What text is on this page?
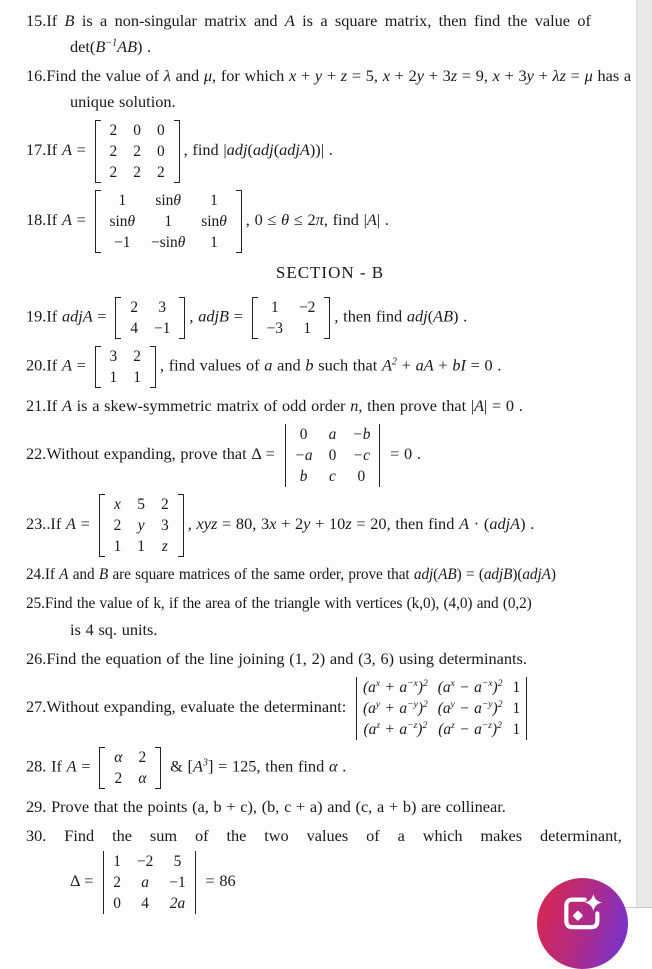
15.If B is a non-singular matrix and A is a square matrix, then find the value of
$\det(B^{-1}AB)$ .
16.Find the value of λ and μ, for which x + y + z = 5, x + 2y + 3z = 9, x + 3y + λz = μ has a
unique solution.
17.If A =
2	0	0
2	2	0
2	2	2
, find |adj(adj(adjA))| .
18.If A =
1	sinθ	1
sinθ	1	sinθ
−1	−sinθ	1
, 0 ≤ θ ≤ 2π, find |A| .
SECTION - B
19.If adjA = 2	3
4	−1
, adjB = 1	−2
−3	1
, then find adj(AB) .
20.If A = 3	2
1	1
, find values of a and b such that $A^2$ + aA + bI = 0 .
21.If A is a skew-symmetric matrix of odd order n, then prove that |A| = 0 .
22.Without expanding, prove that Δ =
0	a	−b
−a	0	−c
b	c	0
= 0 .
23..If A =
x	5	2
2	y	3
1	1	z
, xyz = 80, 3x + 2y + 10z = 20, then find A · (adjA) .
24.If A and B are square matrices of the same order, prove that adj(AB) = (adjB)(adjA)
25.Find the value of k, if the area of the triangle with vertices (k,0), (4,0) and (0,2)
is 4 sq. units.
26.Find the equation of the line joining (1, 2) and (3, 6) using determinants.
27.Without expanding, evaluate the determinant:
$(a^x + a^{-x})^2$	$(a^x - a^{-x})^2$	1
$(a^y + a^{-y})^2$	$(a^y - a^{-y})^2$	1
$(a^z + a^{-z})^2$	$(a^z - a^{-z})^2$	1
28. If A = α	2
2	α
& $[A^3] = 125$, then find α .
29. Prove that the points (a, b + c), (b, c + a) and (c, a + b) are collinear.
30. Find the sum of the two values of a which makes determinant,
Δ =
1	−2	5
2	a	−1
0	4	2a
= 86
